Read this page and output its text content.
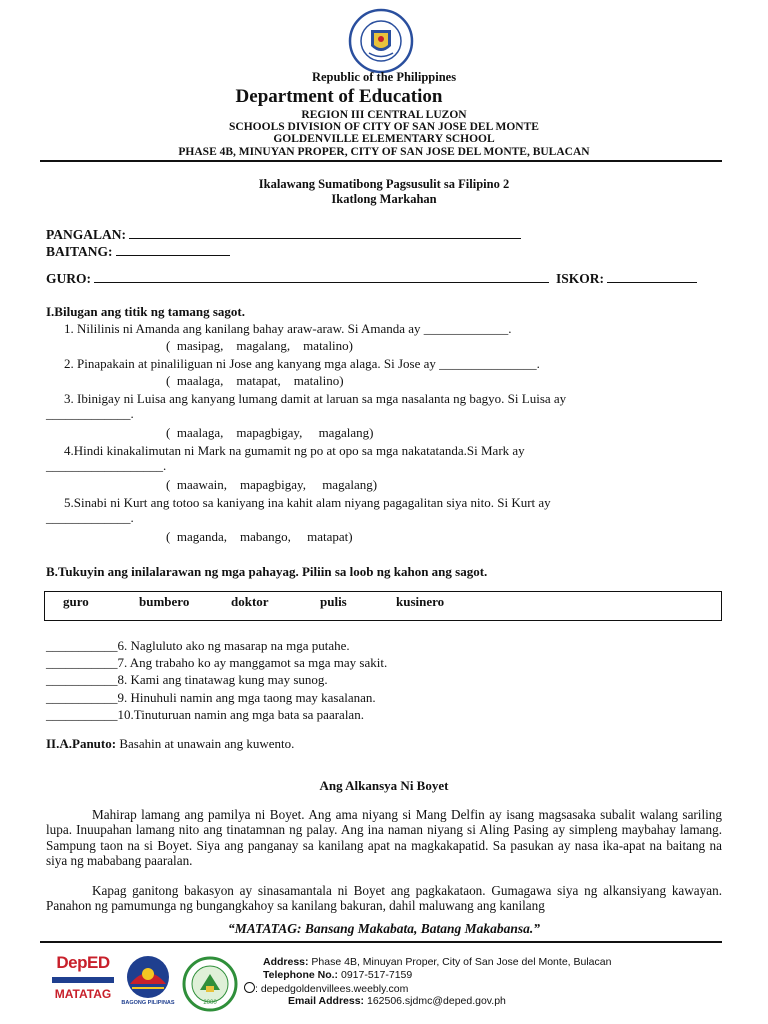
Republic of the Philippines
Department of Education
REGION III CENTRAL LUZON
SCHOOLS DIVISION OF CITY OF SAN JOSE DEL MONTE
GOLDENVILLE ELEMENTARY SCHOOL
PHASE 4B, MINUYAN PROPER, CITY OF SAN JOSE DEL MONTE, BULACAN
Ikalawang Sumatibong Pagsusulit sa Filipino 2
Ikatlong Markahan
PANGALAN:
BAITANG:
GURO:	ISKOR:
I.Bilugan ang titik ng tamang sagot.
1. Nililinis ni Amanda ang kanilang bahay araw-araw. Si Amanda ay _____________.
(  masipag,    magalang,    matalino)
2. Pinapakain at pinaliliguan ni Jose ang kanyang mga alaga. Si Jose ay _______________.
(  maalaga,    matapat,    matalino)
3. Ibinigay ni Luisa ang kanyang lumang damit at laruan sa mga nasalanta ng bagyo. Si Luisa ay
_____________.
(  maalaga,    mapagbigay,     magalang)
4.Hindi kinakalimutan ni Mark na gumamit ng po at opo sa mga nakatatanda.Si Mark ay
__________________.
(  maawain,    mapagbigay,     magalang)
5.Sinabi ni Kurt ang totoo sa kaniyang ina kahit alam niyang pagagalitan siya nito. Si Kurt ay
_____________.
(  maganda,    mabango,     matapat)
B.Tukuyin ang inilalarawan ng mga pahayag. Piliin sa loob ng kahon ang sagot.
guro	bumbero	doktor	pulis	kusinero
___________6. Nagluluto ako ng masarap na mga putahe.
___________7. Ang trabaho ko ay manggamot sa mga may sakit.
___________8. Kami ang tinatawag kung may sunog.
___________9. Hinuhuli namin ang mga taong may kasalanan.
___________10.Tinuturuan namin ang mga bata sa paaralan.
II.A.Panuto: Basahin at unawain ang kuwento.
Ang Alkansya Ni Boyet
Mahirap lamang ang pamilya ni Boyet. Ang ama niyang si Mang Delfin ay isang magsasaka subalit walang sariling lupa. Inuupahan lamang nito ang tinatamnan ng palay. Ang ina naman niyang si Aling Pasing ay simpleng maybahay lamang. Sampung taon na si Boyet. Siya ang panganay sa kanilang apat na magkakapatid. Sa pasukan ay nasa ika-apat na baitang na siya ng mababang paaralan.
Kapag ganitong bakasyon ay sinasamantala ni Boyet ang pagkakataon. Gumagawa siya ng alkansiyang kawayan. Panahon ng pamumunga ng bungangkahoy sa kanilang bakuran, dahil maluwang ang kanilang
“MATATAG: Bansang Makabata, Batang Makabansa.”
DepED
MATATAG
BAGONG PILIPINAS	2000
Address: Phase 4B, Minuyan Proper, City of San Jose del Monte, Bulacan
Telephone No.: 0917-517-7159
: depedgoldenvillees.weebly.com
Email Address: 162506.sjdmc@deped.gov.ph
